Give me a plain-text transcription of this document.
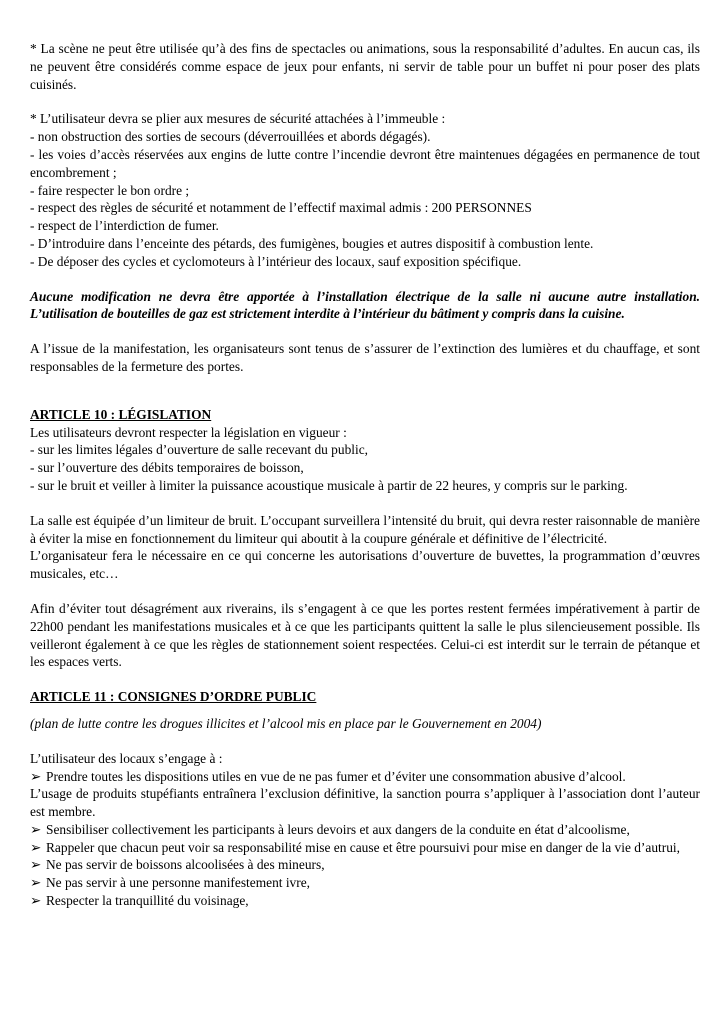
* La scène ne peut être utilisée qu’à des fins de spectacles ou animations, sous la responsabilité d’adultes. En aucun cas, ils ne peuvent être considérés comme espace de jeux pour enfants, ni servir de table pour un buffet ni pour poser des plats cuisinés.

* L’utilisateur devra se plier aux mesures de sécurité attachées à l’immeuble :

- non obstruction des sorties de secours (déverrouillées et abords dégagés).

- les voies d’accès réservées aux engins de lutte contre l’incendie devront être maintenues dégagées en permanence de tout encombrement ;

- faire respecter le bon ordre ;

- respect des règles de sécurité et notamment de l’effectif maximal admis : 200 PERSONNES

- respect de l’interdiction de fumer.

- D’introduire dans l’enceinte des pétards, des fumigènes, bougies et autres dispositif à combustion lente.

- De déposer des cycles et cyclomoteurs à l’intérieur des locaux, sauf exposition spécifique.

Aucune modification ne devra être apportée à l’installation électrique de la salle ni aucune autre installation. L’utilisation de bouteilles de gaz est strictement interdite à l’intérieur du bâtiment y compris dans la cuisine.

A l’issue de la manifestation, les organisateurs sont tenus de s’assurer de l’extinction des lumières et du chauffage, et sont responsables de la fermeture des portes.

ARTICLE 10 : LÉGISLATION

Les utilisateurs devront respecter la législation en vigueur :

- sur les limites légales d’ouverture de salle recevant du public,

- sur l’ouverture des débits temporaires de boisson,

- sur le bruit et veiller à limiter la puissance acoustique musicale à partir de 22 heures, y compris sur le parking.

La salle est équipée d’un limiteur de bruit. L’occupant surveillera l’intensité du bruit, qui devra rester raisonnable de manière à éviter la mise en fonctionnement du limiteur qui aboutit à la coupure générale et définitive de l’électricité.

L’organisateur fera le nécessaire en ce qui concerne les autorisations d’ouverture de buvettes, la programmation d’œuvres musicales, etc…

Afin d’éviter tout désagrément aux riverains, ils s’engagent à ce que les portes restent fermées impérativement à partir de 22h00 pendant les manifestations musicales et à ce que les participants quittent la salle le plus silencieusement possible. Ils veilleront également à ce que les règles de stationnement soient respectées. Celui-ci est interdit sur le terrain de pétanque et les espaces verts.

ARTICLE 11 : CONSIGNES D’ORDRE PUBLIC

(plan de lutte contre les drogues illicites et l’alcool mis en place par le Gouvernement en 2004)

L’utilisateur des locaux s’engage à :

➢ Prendre toutes les dispositions utiles en vue de ne pas fumer et d’éviter une consommation abusive d’alcool.

L’usage de produits stupéfiants entraînera l’exclusion définitive, la sanction pourra s’appliquer à l’association dont l’auteur est membre.

➢ Sensibiliser collectivement les participants à leurs devoirs et aux dangers de la conduite en état d’alcoolisme,
➢ Rappeler que chacun peut voir sa responsabilité mise en cause et être poursuivi pour mise en danger de la vie d’autrui,
➢ Ne pas servir de boissons alcoolisées à des mineurs,
➢ Ne pas servir à une personne manifestement ivre,
➢ Respecter la tranquillité du voisinage,
